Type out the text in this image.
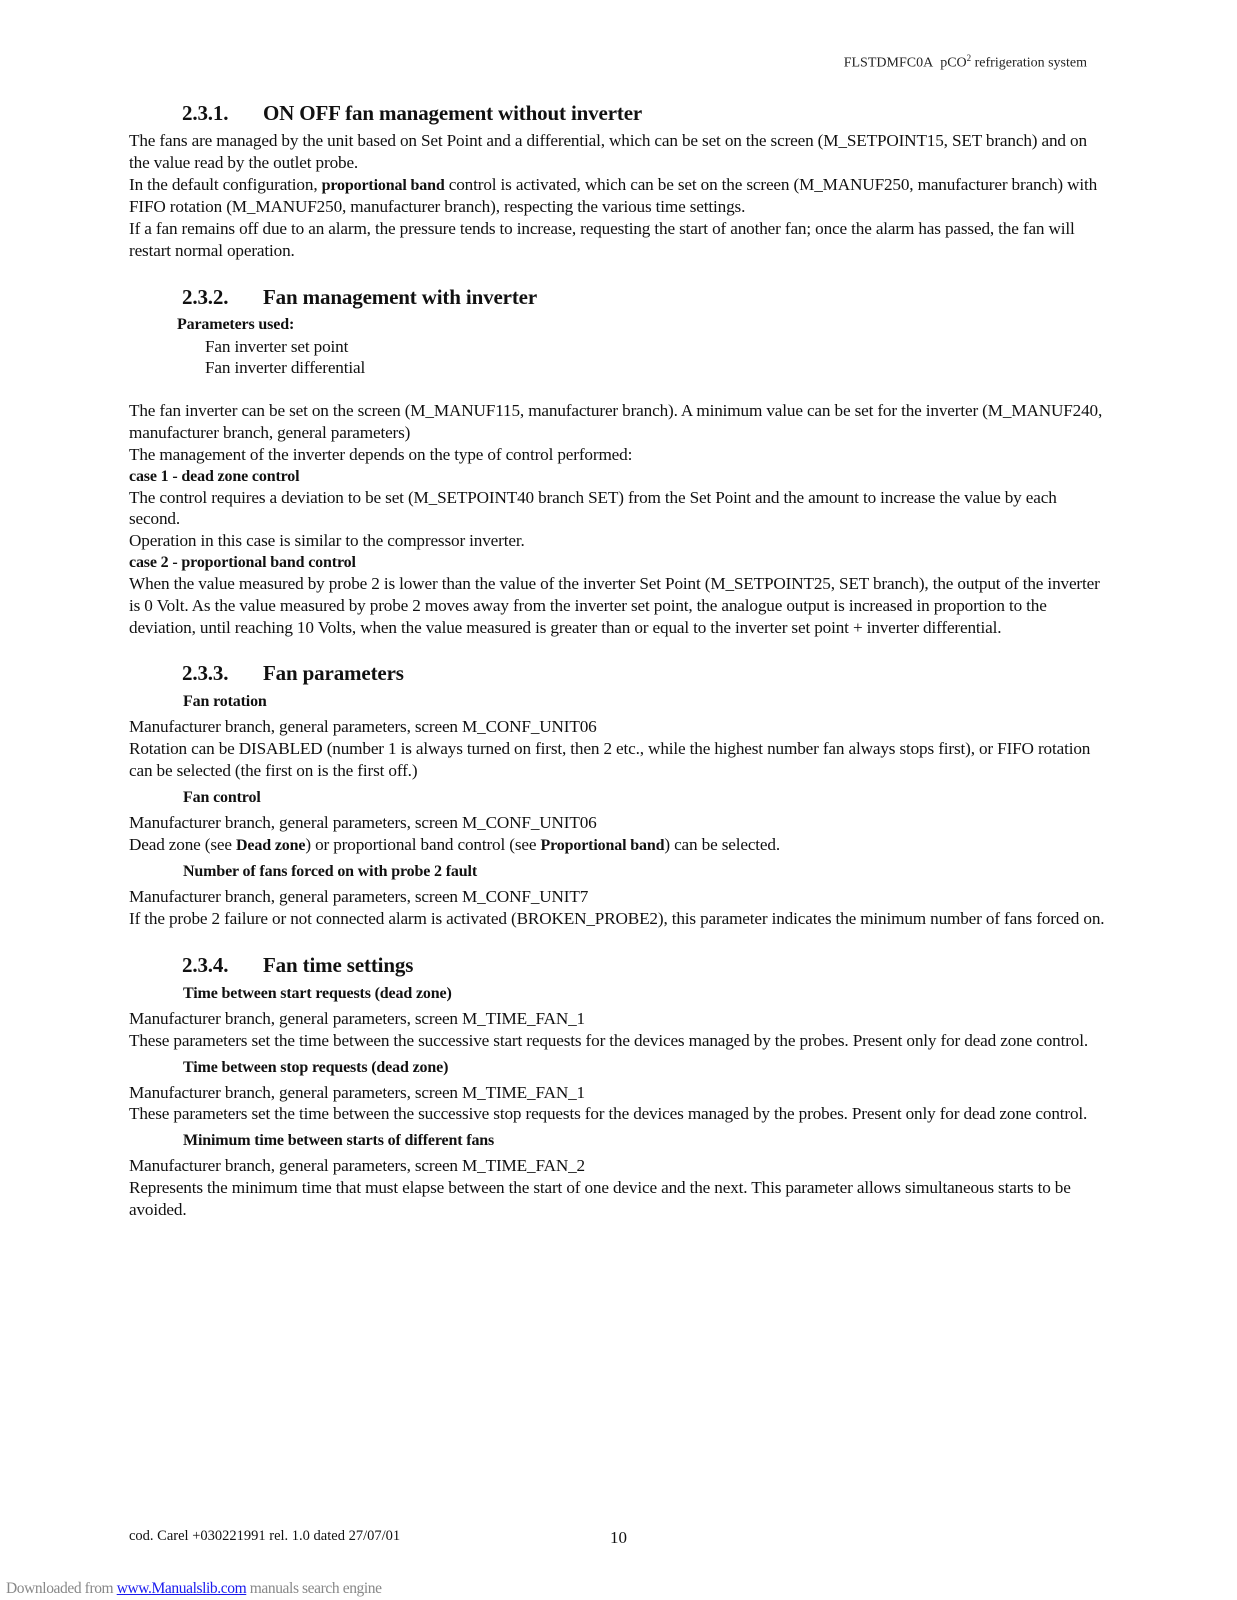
FLSTDMFC0A pCO$^2$ refrigeration system
2.3.1. ON OFF fan management without inverter

The fans are managed by the unit based on Set Point and a differential, which can be set on the screen (M_SETPOINT15, SET branch) and on the value read by the outlet probe.

In the default configuration, proportional band control is activated, which can be set on the screen (M_MANUF250, manufacturer branch) with FIFO rotation (M_MANUF250, manufacturer branch), respecting the various time settings.

If a fan remains off due to an alarm, the pressure tends to increase, requesting the start of another fan; once the alarm has passed, the fan will restart normal operation.

2.3.2. Fan management with inverter
Parameters used:
Fan inverter set point
Fan inverter differential

The fan inverter can be set on the screen (M_MANUF115, manufacturer branch). A minimum value can be set for the inverter (M_MANUF240, manufacturer branch, general parameters)

The management of the inverter depends on the type of control performed:

case 1 - dead zone control

The control requires a deviation to be set (M_SETPOINT40 branch SET) from the Set Point and the amount to increase the value by each second.

Operation in this case is similar to the compressor inverter.

case 2 - proportional band control

When the value measured by probe 2 is lower than the value of the inverter Set Point (M_SETPOINT25, SET branch), the output of the inverter is 0 Volt. As the value measured by probe 2 moves away from the inverter set point, the analogue output is increased in proportion to the deviation, until reaching 10 Volts, when the value measured is greater than or equal to the inverter set point + inverter differential.

2.3.3. Fan parameters
Fan rotation

Manufacturer branch, general parameters, screen M_CONF_UNIT06

Rotation can be DISABLED (number 1 is always turned on first, then 2 etc., while the highest number fan always stops first), or FIFO rotation can be selected (the first on is the first off.)

Fan control

Manufacturer branch, general parameters, screen M_CONF_UNIT06

Dead zone (see Dead zone) or proportional band control (see Proportional band) can be selected.

Number of fans forced on with probe 2 fault

Manufacturer branch, general parameters, screen M_CONF_UNIT7

If the probe 2 failure or not connected alarm is activated (BROKEN_PROBE2), this parameter indicates the minimum number of fans forced on.

2.3.4. Fan time settings
Time between start requests (dead zone)

Manufacturer branch, general parameters, screen M_TIME_FAN_1

These parameters set the time between the successive start requests for the devices managed by the probes. Present only for dead zone control.

Time between stop requests (dead zone)

Manufacturer branch, general parameters, screen M_TIME_FAN_1

These parameters set the time between the successive stop requests for the devices managed by the probes. Present only for dead zone control.

Minimum time between starts of different fans

Manufacturer branch, general parameters, screen M_TIME_FAN_2

Represents the minimum time that must elapse between the start of one device and the next. This parameter allows simultaneous starts to be avoided.

cod. Carel +030221991 rel. 1.0 dated 27/07/01	10
Downloaded from www.Manualslib.com manuals search engine
